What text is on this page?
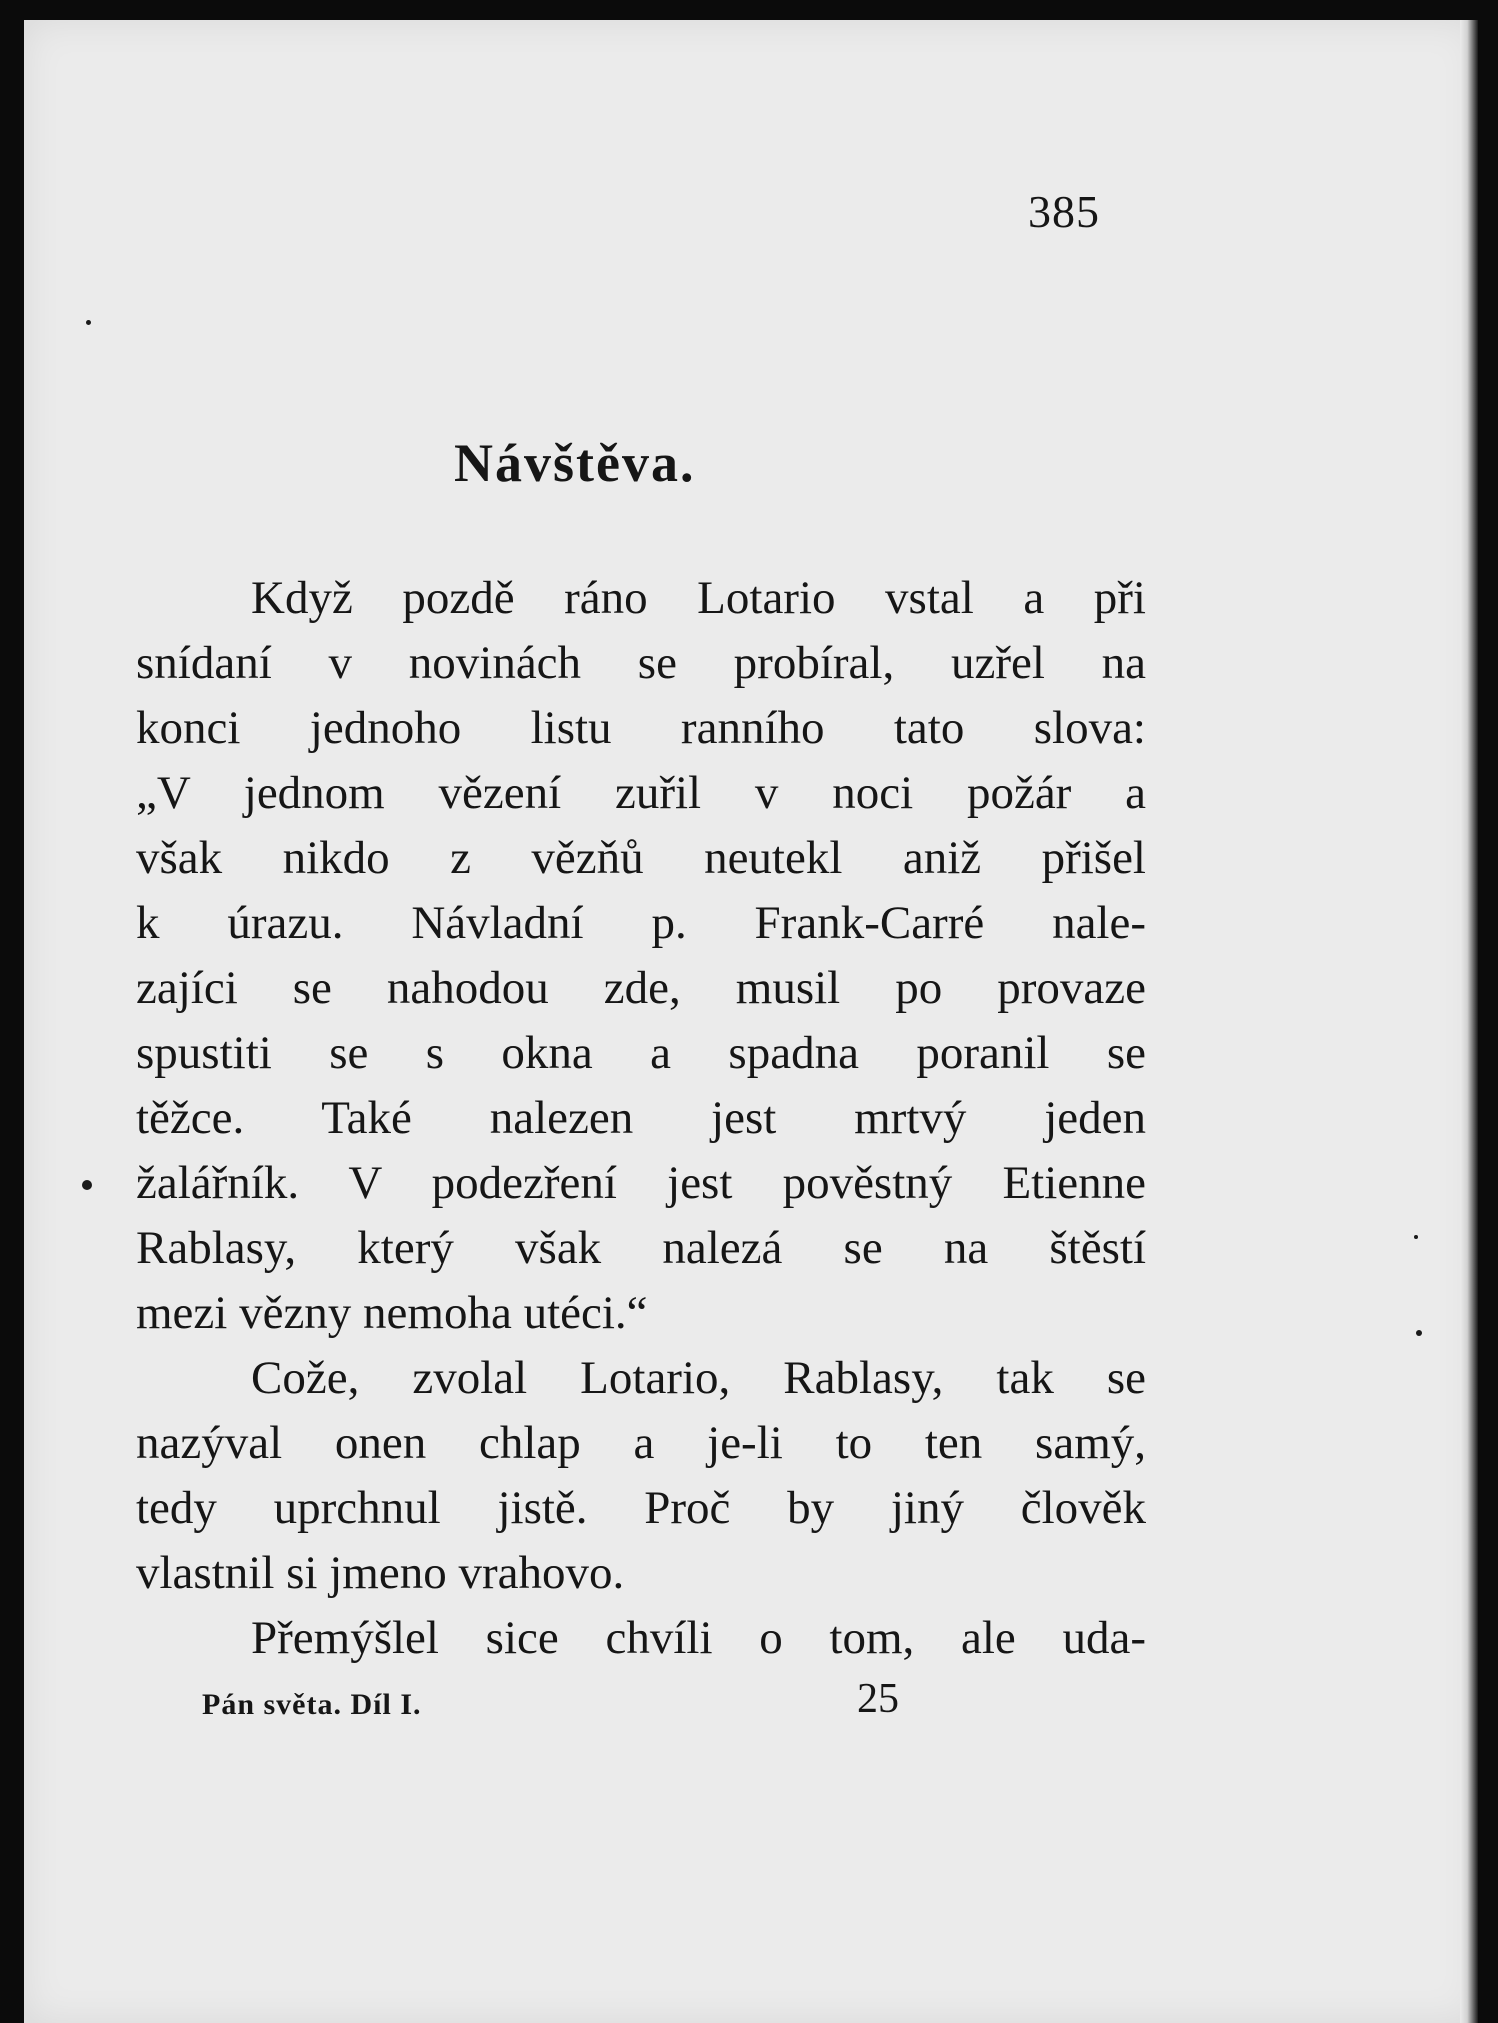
385
Návštěva.
Když pozdě ráno Lotario vstal a při
snídaní v novinách se probíral, uzřel na
konci jednoho listu ranního tato slova:
„V jednom vězení zuřil v noci požár a
však nikdo z vězňů neutekl aniž přišel
k úrazu. Návladní p. Frank-Carré nale-
zajíci se nahodou zde, musil po provaze
spustiti se s okna a spadna poranil se
těžce. Také nalezen jest mrtvý jeden
žalářník. V podezření jest pověstný Etienne
Rablasy, který však nalezá se na štěstí
mezi vězny nemoha utéci.“
Cože, zvolal Lotario, Rablasy, tak se
nazýval onen chlap a je-li to ten samý,
tedy uprchnul jistě. Proč by jiný člověk
vlastnil si jmeno vrahovo.
Přemýšlel sice chvíli o tom, ale uda-
Pán světa. Díl I.	25
